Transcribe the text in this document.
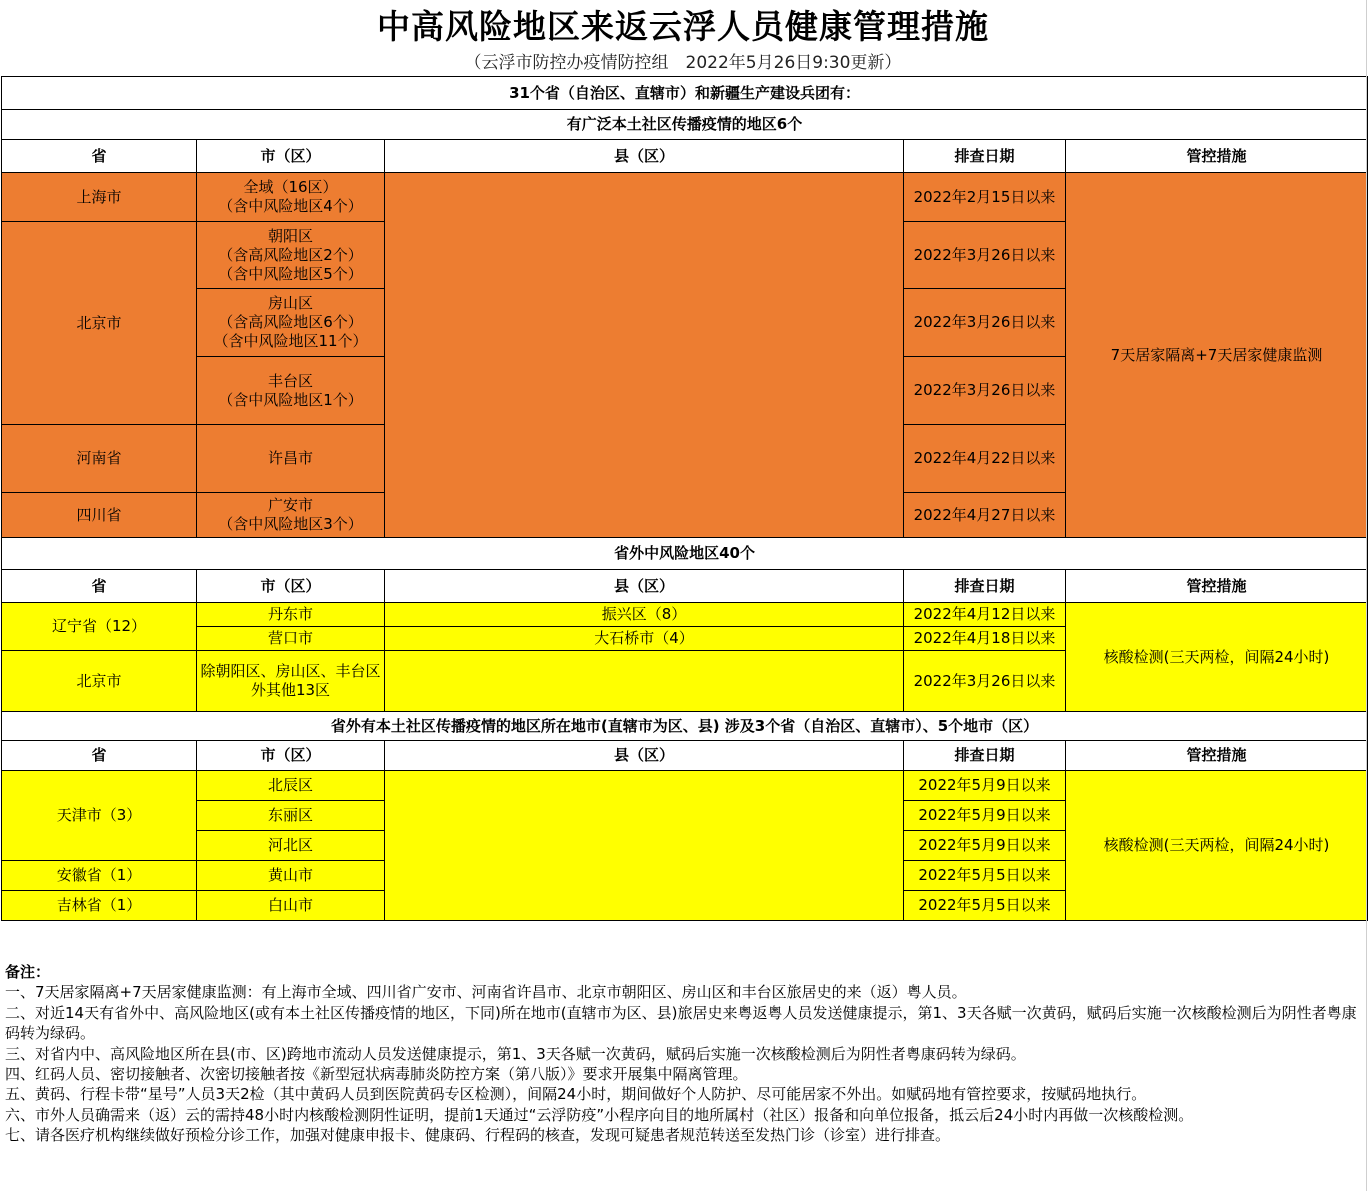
中高风险地区来返云浮人员健康管理措施
（云浮市防控办疫情防控组　2022年5月26日9:30更新）
31个省（自治区、直辖市）和新疆生产建设兵团有：				
有广泛本土社区传播疫情的地区6个				
省	市（区）	县（区）	排查日期	管控措施
上海市	全域（16区）
（含中风险地区4个）		2022年2月15日以来	7天居家隔离+7天居家健康监测
北京市	朝阳区
（含高风险地区2个）
（含中风险地区5个）		2022年3月26日以来	

	房山区
（含高风险地区6个）
（含中风险地区11个）		2022年3月26日以来	

	丰台区
（含中风险地区1个）		2022年3月26日以来	
河南省	许昌市		2022年4月22日以来	
四川省	广安市
（含中风险地区3个）		2022年4月27日以来	
省外中风险地区40个				
省	市（区）	县（区）	排查日期	管控措施
辽宁省（12）	丹东市	振兴区（8）	2022年4月12日以来	核酸检测(三天两检，间隔24小时)
	营口市	大石桥市（4）	2022年4月18日以来	
北京市	除朝阳区、房山区、丰台区外其他13区		2022年3月26日以来	
省外有本土社区传播疫情的地区所在地市(直辖市为区、县) 涉及3个省（自治区、直辖市）、5个地市（区）				
省	市（区）	县（区）	排查日期	管控措施
天津市（3）	北辰区		2022年5月9日以来	核酸检测(三天两检，间隔24小时)
	东丽区		2022年5月9日以来	
	河北区		2022年5月9日以来	
安徽省（1）	黄山市		2022年5月5日以来	
吉林省（1）	白山市		2022年5月5日以来	
备注：
一、7天居家隔离+7天居家健康监测：有上海市全域、四川省广安市、河南省许昌市、北京市朝阳区、房山区和丰台区旅居史的来（返）粤人员。
二、对近14天有省外中、高风险地区(或有本土社区传播疫情的地区，下同)所在地市(直辖市为区、县)旅居史来粤返粤人员发送健康提示，第1、3天各赋一次黄码，赋码后实施一次核酸检测后为阴性者粤康码转为绿码。
三、对省内中、高风险地区所在县(市、区)跨地市流动人员发送健康提示，第1、3天各赋一次黄码，赋码后实施一次核酸检测后为阴性者粤康码转为绿码。
四、红码人员、密切接触者、次密切接触者按《新型冠状病毒肺炎防控方案（第八版）》要求开展集中隔离管理。
五、黄码、行程卡带“星号”人员3天2检（其中黄码人员到医院黄码专区检测），间隔24小时，期间做好个人防护、尽可能居家不外出。如赋码地有管控要求，按赋码地执行。
六、市外人员确需来（返）云的需持48小时内核酸检测阴性证明，提前1天通过“云浮防疫”小程序向目的地所属村（社区）报备和向单位报备，抵云后24小时内再做一次核酸检测。
七、请各医疗机构继续做好预检分诊工作，加强对健康申报卡、健康码、行程码的核查，发现可疑患者规范转送至发热门诊（诊室）进行排查。
